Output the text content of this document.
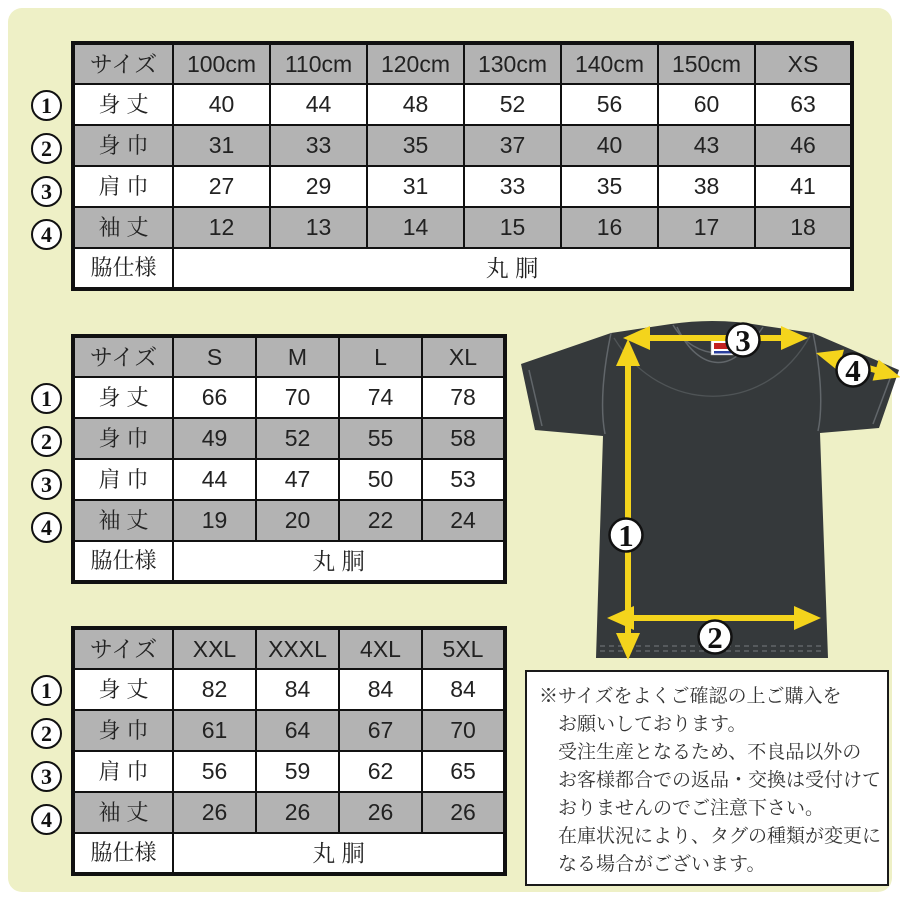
1
2
3
4
サイズ	100cm	110cm	120cm	130cm	140cm	150cm	XS
身 丈	40	44	48	52	56	60	63
身 巾	31	33	35	37	40	43	46
肩 巾	27	29	31	33	35	38	41
袖 丈	12	13	14	15	16	17	18
脇仕様	丸 胴						
1
2
3
4
サイズ	S	M	L	XL
身 丈	66	70	74	78
身 巾	49	52	55	58
肩 巾	44	47	50	53
袖 丈	19	20	22	24
脇仕様	丸 胴			
1
2
3
4
サイズ	XXL	XXXL	4XL	5XL
身 丈	82	84	84	84
身 巾	61	64	67	70
肩 巾	56	59	62	65
袖 丈	26	26	26	26
脇仕様	丸 胴			
1
2
3
4
※サイズをよくご確認の上ご購入を
お願いしております。
受注生産となるため、不良品以外の
お客様都合での返品・交換は受付けて
おりませんのでご注意下さい。
在庫状況により、タグの種類が変更に
なる場合がございます。
